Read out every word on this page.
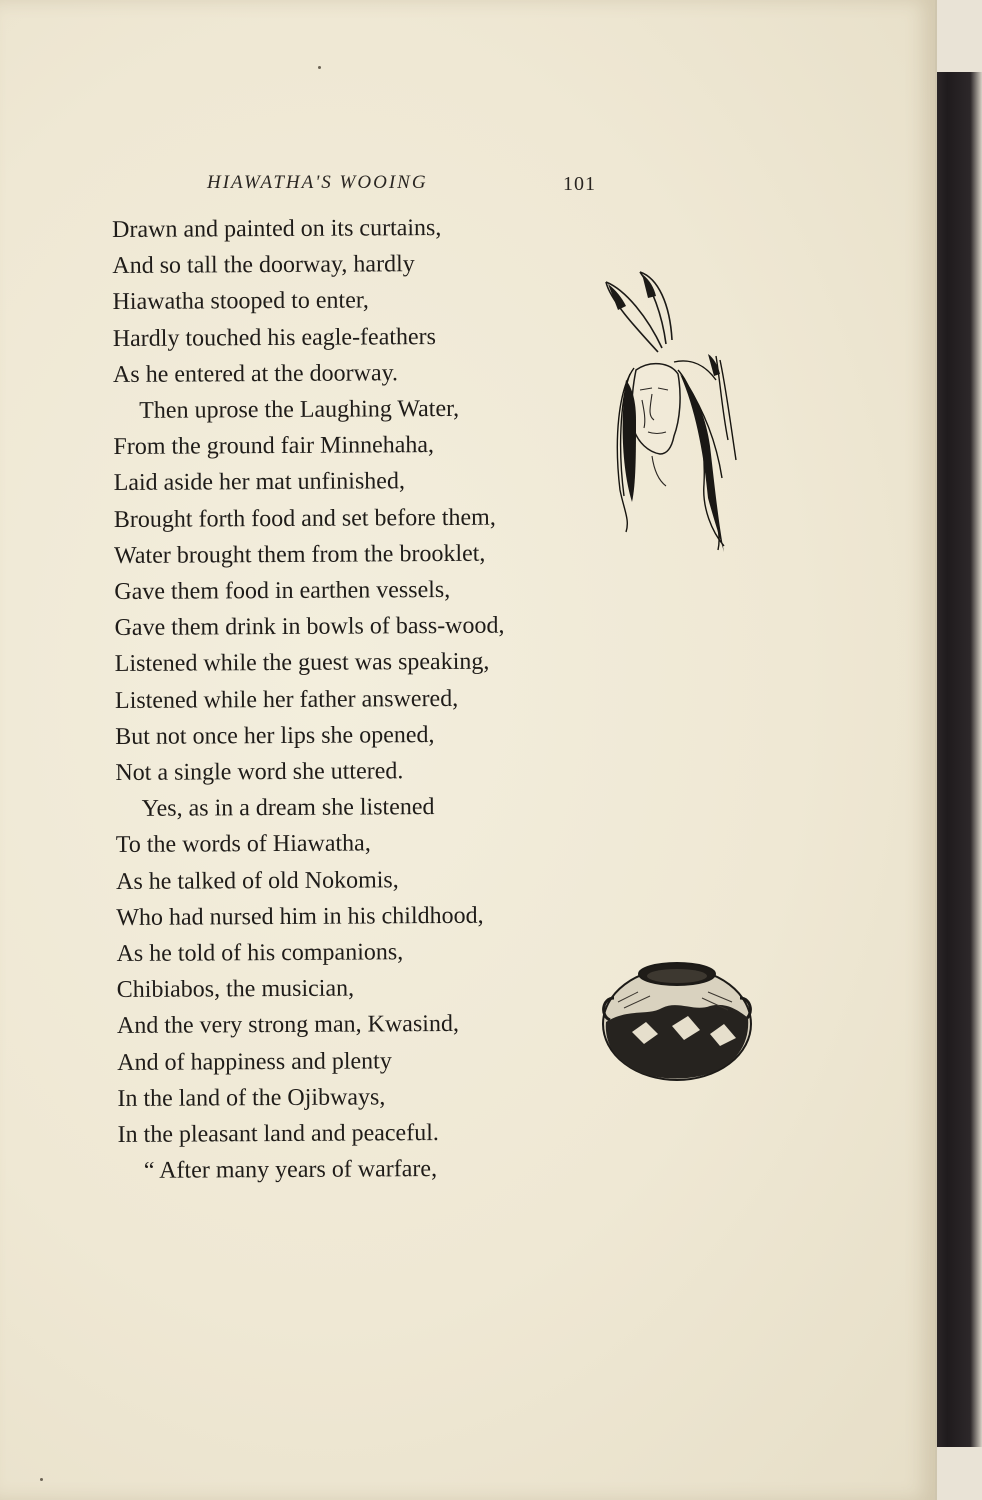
HIAWATHA'S WOOING	101
Drawn and painted on its curtains,
And so tall the doorway, hardly
Hiawatha stooped to enter,
Hardly touched his eagle-feathers
As he entered at the doorway.
Then uprose the Laughing Water,
From the ground fair Minnehaha,
Laid aside her mat unfinished,
Brought forth food and set before them,
Water brought them from the brooklet,
Gave them food in earthen vessels,
Gave them drink in bowls of bass-wood,
Listened while the guest was speaking,
Listened while her father answered,
But not once her lips she opened,
Not a single word she uttered.
Yes, as in a dream she listened
To the words of Hiawatha,
As he talked of old Nokomis,
Who had nursed him in his childhood,
As he told of his companions,
Chibiabos, the musician,
And the very strong man, Kwasind,
And of happiness and plenty
In the land of the Ojibways,
In the pleasant land and peaceful.
“ After many years of warfare,
